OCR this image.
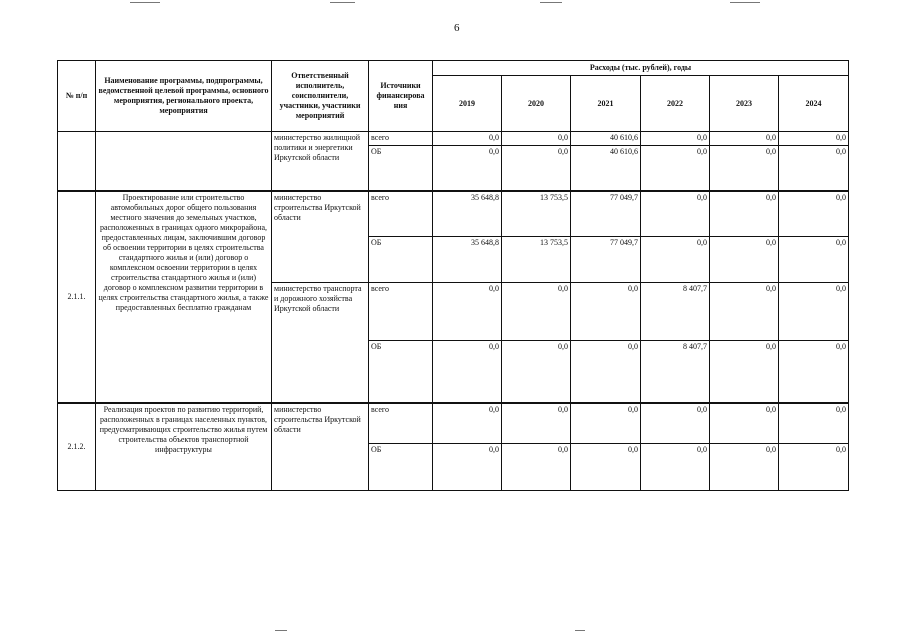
6
№ п/п	Наименование программы, подпрограммы, ведомственной целевой программы, основного мероприятия, регионального проекта, мероприятия	Ответственный исполнитель, соисполнители, участники, участники мероприятий	Источники финансирова ния	Расходы (тыс. рублей), годы					
				2019	2020	2021	2022	2023	2024
		министерство жилищной политики и энергетики Иркутской области	всего	0,0	0,0	40 610,6	0,0	0,0	0,0
			ОБ	0,0	0,0	40 610,6	0,0	0,0	0,0
2.1.1.	Проектирование или строительство автомобильных дорог общего пользования местного значения до земельных участков, расположенных в границах одного микрорайона, предоставленных лицам, заключившим договор об освоении территории в целях строительства стандартного жилья и (или) договор о комплексном освоении территории в целях строительства стандартного жилья и (или) договор о комплексном развитии территории в целях строительства стандартного жилья, а также предоставленных бесплатно гражданам	министерство строительства Иркутской области	всего	35 648,8	13 753,5	77 049,7	0,0	0,0	0,0
			ОБ	35 648,8	13 753,5	77 049,7	0,0	0,0	0,0
		министерство транспорта и дорожного хозяйства Иркутской области	всего	0,0	0,0	0,0	8 407,7	0,0	0,0
			ОБ	0,0	0,0	0,0	8 407,7	0,0	0,0
2.1.2.	Реализация проектов по развитию территорий, расположенных в границах населенных пунктов, предусматривающих строительство жилья путем строительства объектов транспортной инфраструктуры	министерство строительства Иркутской области	всего	0,0	0,0	0,0	0,0	0,0	0,0
			ОБ	0,0	0,0	0,0	0,0	0,0	0,0
